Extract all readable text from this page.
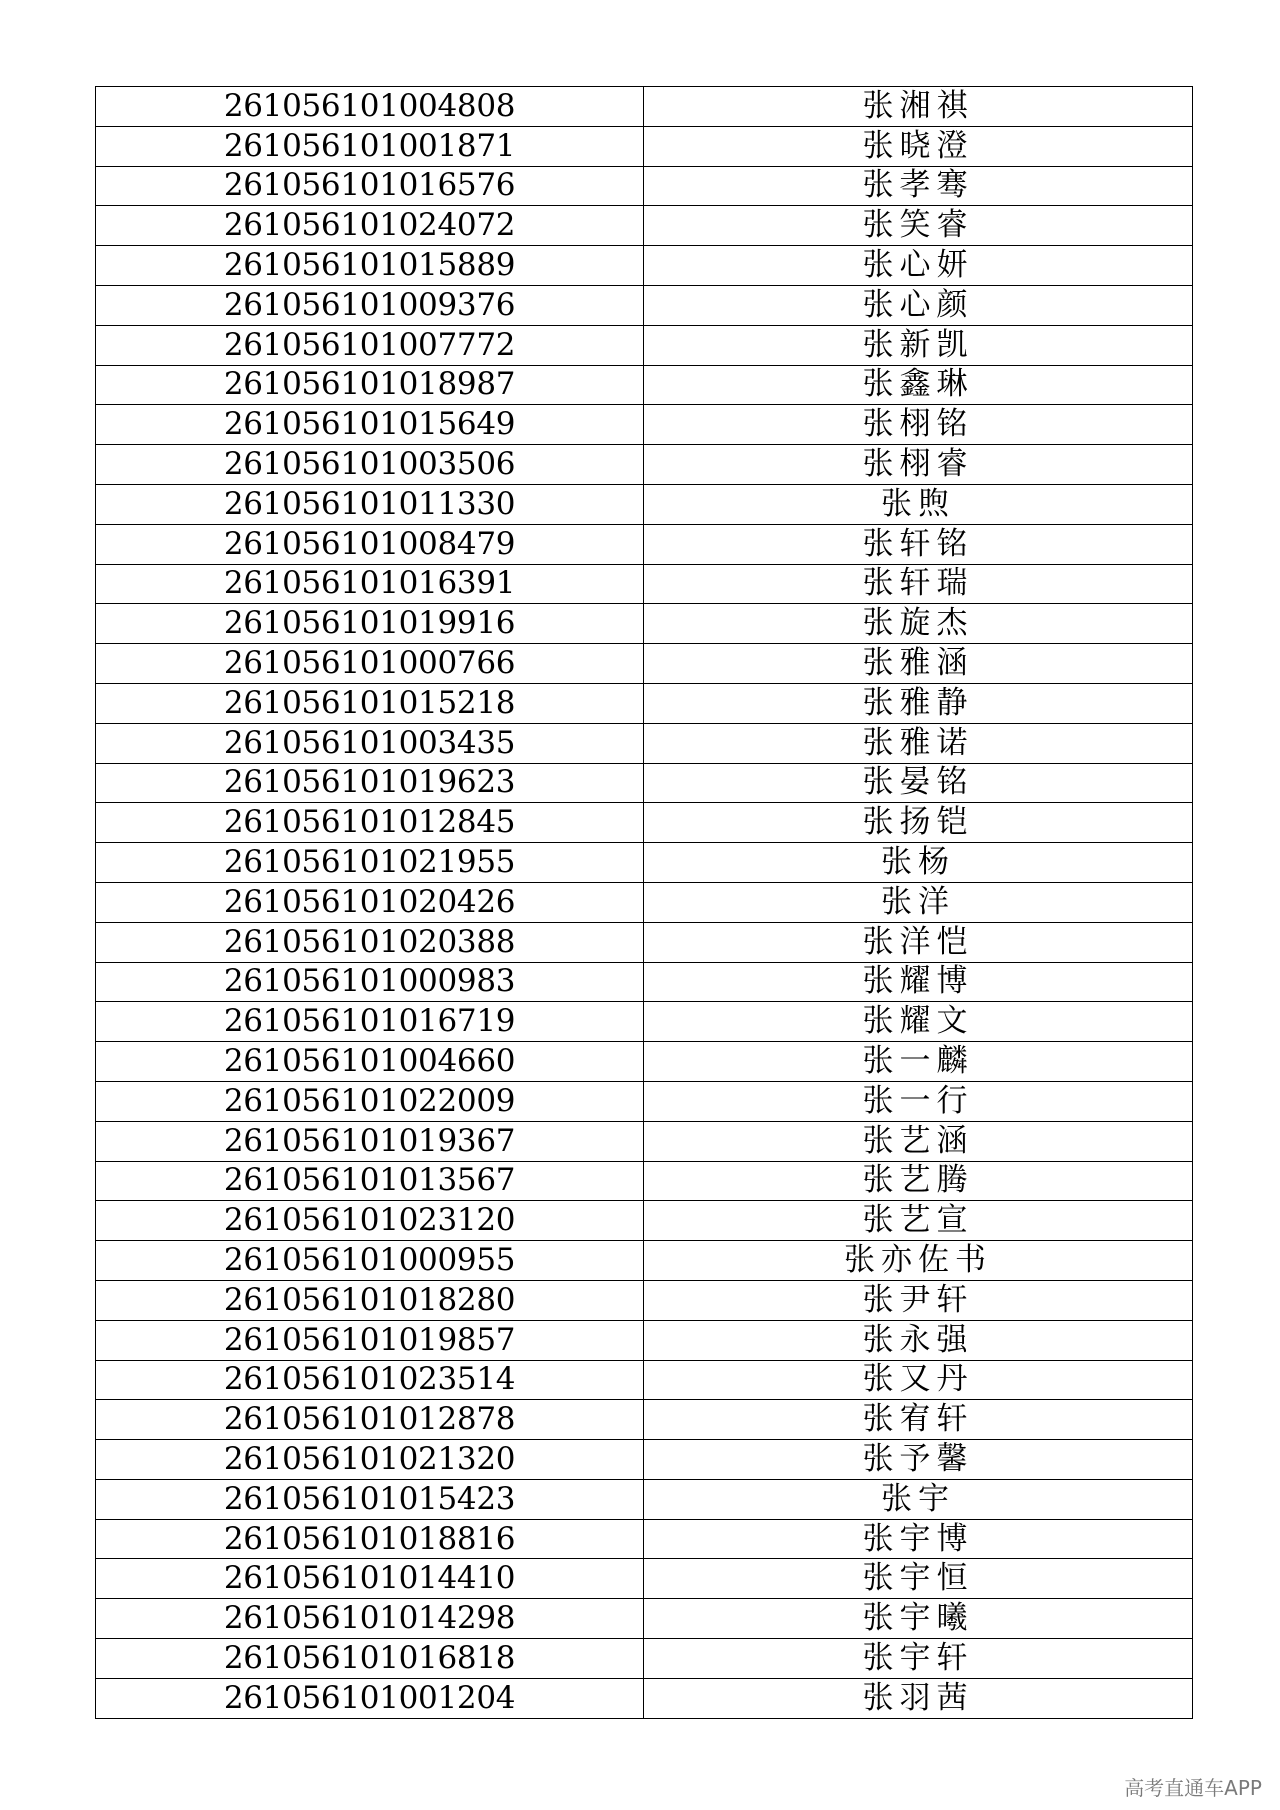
261056101004808	张湘祺
261056101001871	张晓澄
261056101016576	张孝骞
261056101024072	张笑睿
261056101015889	张心妍
261056101009376	张心颜
261056101007772	张新凯
261056101018987	张鑫琳
261056101015649	张栩铭
261056101003506	张栩睿
261056101011330	张煦
261056101008479	张轩铭
261056101016391	张轩瑞
261056101019916	张旋杰
261056101000766	张雅涵
261056101015218	张雅静
261056101003435	张雅诺
261056101019623	张晏铭
261056101012845	张扬铠
261056101021955	张杨
261056101020426	张洋
261056101020388	张洋恺
261056101000983	张耀博
261056101016719	张耀文
261056101004660	张一麟
261056101022009	张一行
261056101019367	张艺涵
261056101013567	张艺腾
261056101023120	张艺宣
261056101000955	张亦佐书
261056101018280	张尹轩
261056101019857	张永强
261056101023514	张又丹
261056101012878	张宥轩
261056101021320	张予馨
261056101015423	张宇
261056101018816	张宇博
261056101014410	张宇恒
261056101014298	张宇曦
261056101016818	张宇轩
261056101001204	张羽茜
高考直通车APP
